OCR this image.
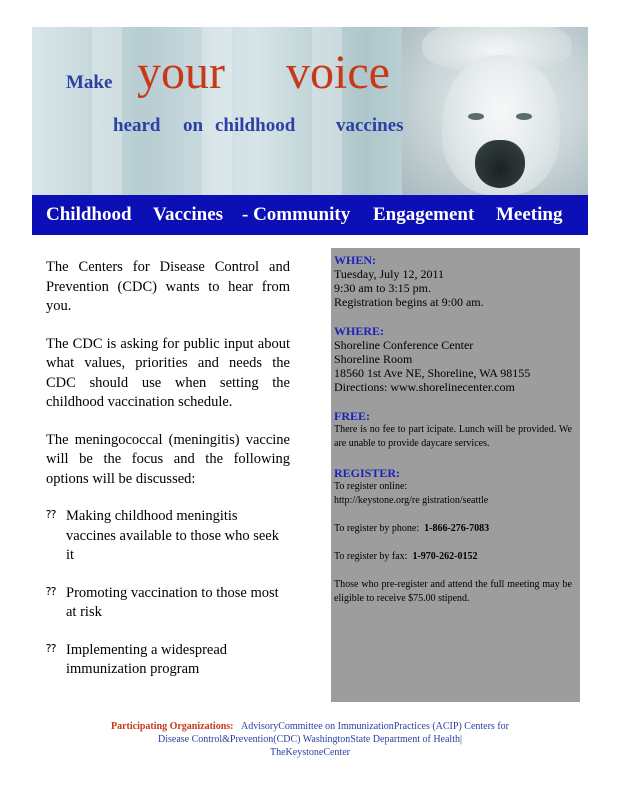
Make your voice
heard on childhood vaccines
Childhood Vaccines - Community Engagement Meeting

The Centers for Disease Control and Prevention (CDC) wants to hear from you.

The CDC is asking for public input about what values, priorities and needs the CDC should use when setting the childhood vaccination schedule.

The meningococcal (meningitis) vaccine will be the focus and the following options will be discussed:

⁇ Making childhood meningitis vaccines available to those who seek it
⁇ Promoting vaccination to those most at risk
⁇ Implementing a widespread immunization program
WHEN:
Tuesday, July 12, 2011
9:30 am to 3:15 pm.
Registration begins at 9:00 am.
WHERE:
Shoreline Conference Center
Shoreline Room
18560 1st Ave NE, Shoreline, WA 98155
Directions: www.shorelinecenter.com
FREE:
There is no fee to part icipate. Lunch will be provided. We are unable to provide daycare services.
REGISTER:
To register online:
http://keystone.org/re gistration/seattle
To register by phone: 1-866-276-7083
To register by fax: 1-970-262-0152
Those who pre-register and attend the full meeting may be eligible to receive $75.00 stipend.
Participating Organizations: AdvisoryCommittee on ImmunizationPractices (ACIP) Centers for
Disease Control&Prevention(CDC) WashingtonState Department of Health|
TheKeystoneCenter
